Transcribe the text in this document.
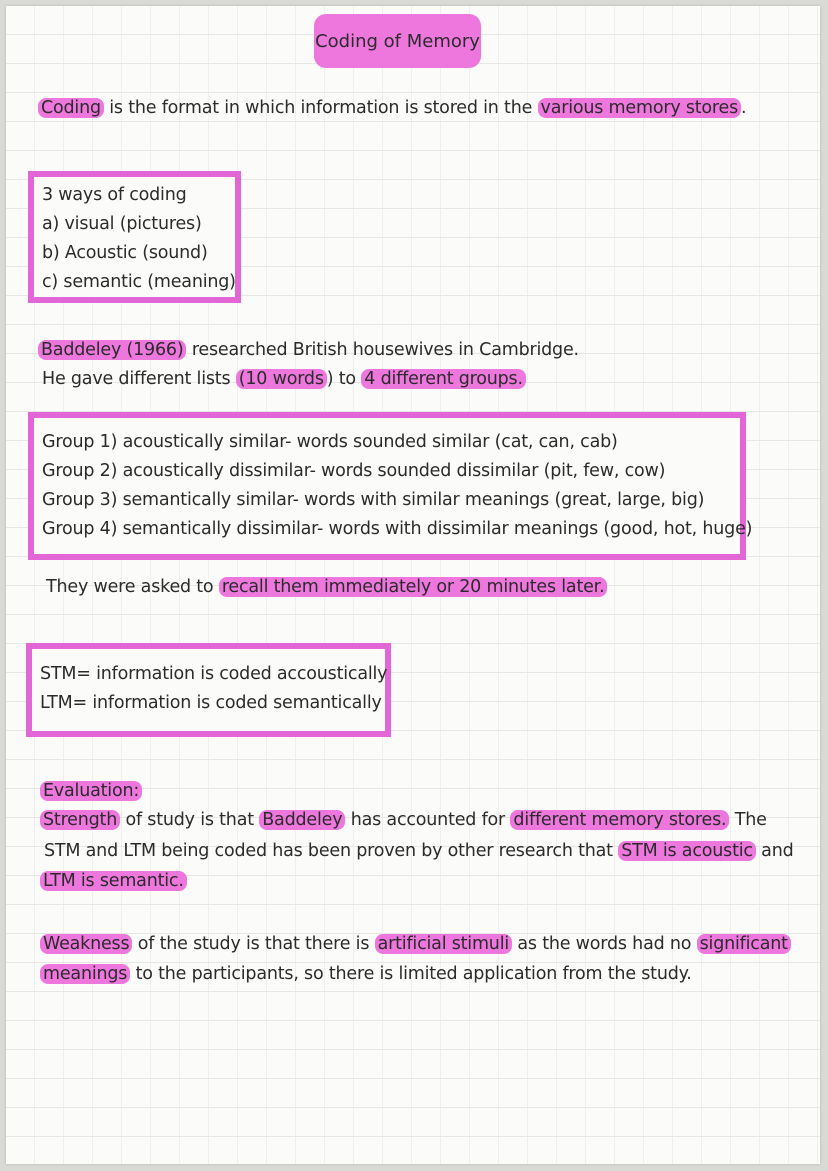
Coding of Memory
Coding is the format in which information is stored in the various memory stores .
3 ways of coding
a) visual (pictures)
b) Acoustic (sound)
c) semantic (meaning)
Baddeley (1966) researched British housewives in Cambridge.
He gave different lists (10 words ) to 4 different groups.
Group 1) acoustically similar- words sounded similar (cat, can, cab)
Group 2) acoustically dissimilar- words sounded dissimilar (pit, few, cow)
Group 3) semantically similar- words with similar meanings (great, large, big)
Group 4) semantically dissimilar- words with dissimilar meanings (good, hot, huge)
They were asked to recall them immediately or 20 minutes later.
STM= information is coded accoustically
LTM= information is coded semantically
Evaluation:
Strength of study is that Baddeley has accounted for different memory stores. The
STM and LTM being coded has been proven by other research that STM is acoustic and
LTM is semantic.
Weakness of the study is that there is artificial stimuli as the words had no significant
meanings to the participants, so there is limited application from the study.
